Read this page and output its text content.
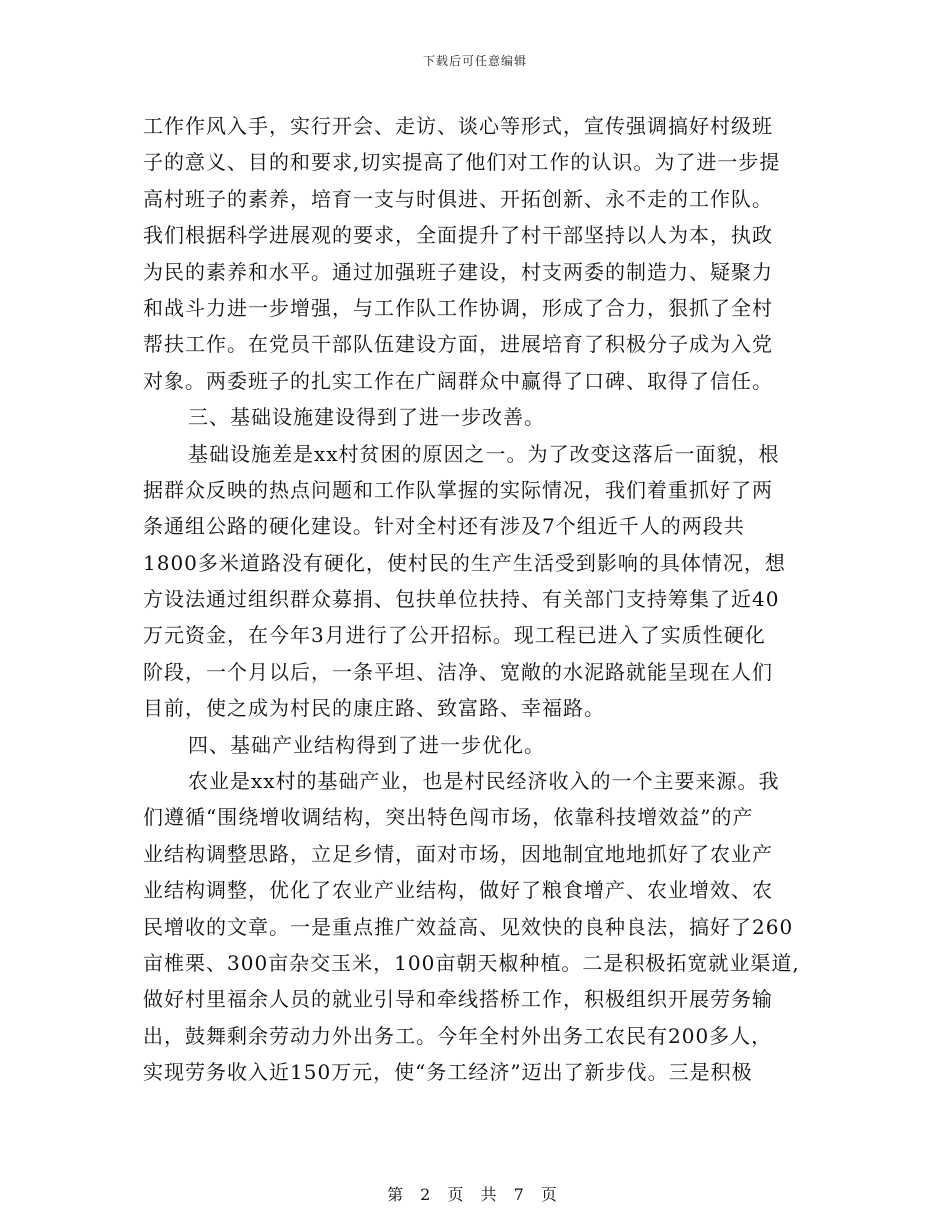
下载后可任意编辑
工作作风入手，实行开会、走访、谈心等形式，宣传强调搞好村级班
子的意义、目的和要求,切实提高了他们对工作的认识。为了进一步提
高村班子的素养，培育一支与时俱进、开拓创新、永不走的工作队。
我们根据科学进展观的要求，全面提升了村干部坚持以人为本，执政
为民的素养和水平。通过加强班子建设，村支两委的制造力、疑聚力
和战斗力进一步增强，与工作队工作协调，形成了合力，狠抓了全村
帮扶工作。在党员干部队伍建设方面，进展培育了积极分子成为入党
对象。两委班子的扎实工作在广阔群众中赢得了口碑、取得了信任。
三、基础设施建设得到了进一步改善。
基础设施差是xx村贫困的原因之一。为了改变这落后一面貌，根
据群众反映的热点问题和工作队掌握的实际情况，我们着重抓好了两
条通组公路的硬化建设。针对全村还有涉及7个组近千人的两段共
1800多米道路没有硬化，使村民的生产生活受到影响的具体情况，想
方设法通过组织群众募捐、包扶单位扶持、有关部门支持筹集了近40
万元资金，在今年3月进行了公开招标。现工程已进入了实质性硬化
阶段，一个月以后，一条平坦、洁净、宽敞的水泥路就能呈现在人们
目前，使之成为村民的康庄路、致富路、幸福路。
四、基础产业结构得到了进一步优化。
农业是xx村的基础产业，也是村民经济收入的一个主要来源。我
们遵循“围绕增收调结构，突出特色闯市场，依靠科技增效益”的产
业结构调整思路，立足乡情，面对市场，因地制宜地地抓好了农业产
业结构调整，优化了农业产业结构，做好了粮食增产、农业增效、农
民增收的文章。一是重点推广效益高、见效快的良种良法，搞好了260
亩椎栗、300亩杂交玉米，100亩朝天椒种植。二是积极拓宽就业渠道,
做好村里福余人员的就业引导和牵线搭桥工作，积极组织开展劳务输
出，鼓舞剩余劳动力外出务工。今年全村外出务工农民有200多人，
实现劳务收入近150万元，使“务工经济”迈出了新步伐。三是积极
第 2 页 共 7 页
